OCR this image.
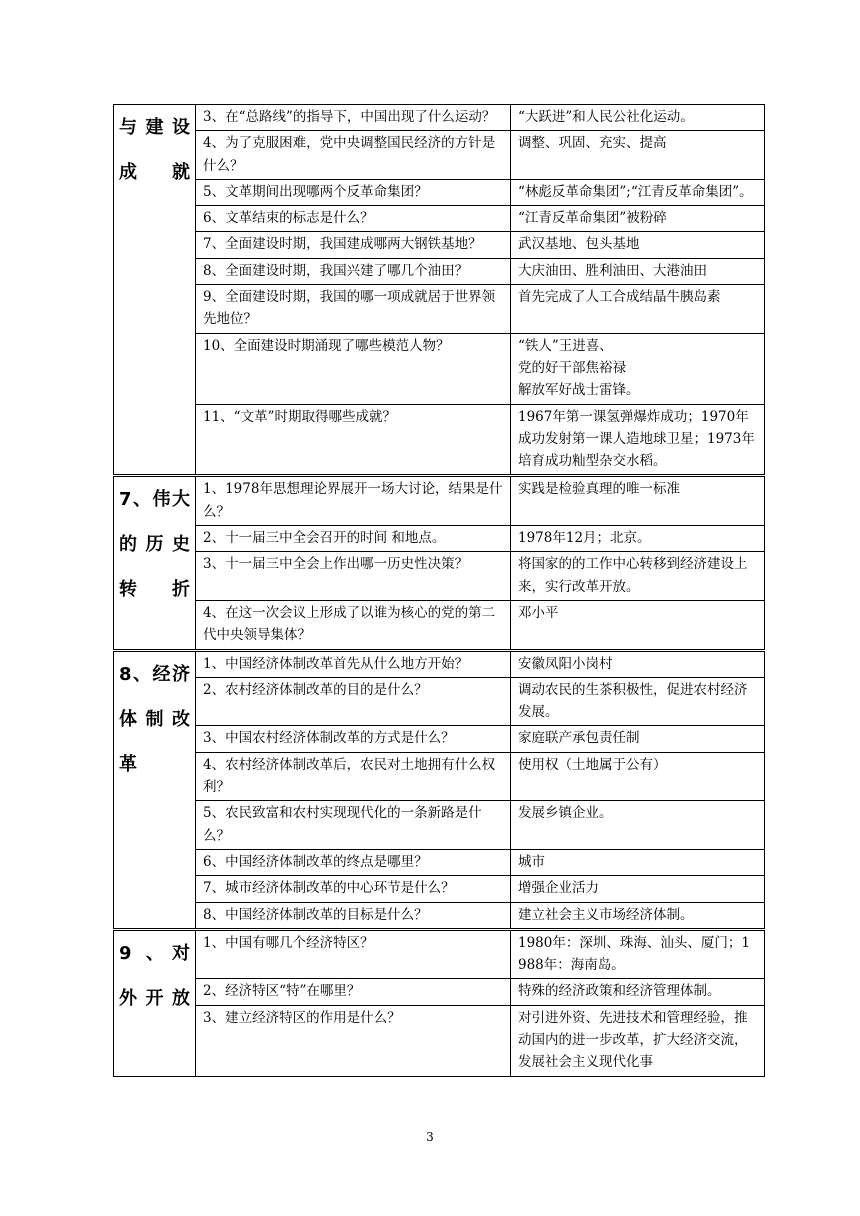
与建设成就	3、在“总路线”的指导下，中国出现了什么运动？	“大跃进”和人民公社化运动。
	4、为了克服困难，党中央调整国民经济的方针是什么？	调整、巩固、充实、提高
	5、文革期间出现哪两个反革命集团？	“林彪反革命集团”;“江青反革命集团”。
	6、文革结束的标志是什么？	“江青反革命集团”被粉碎
	7、全面建设时期，我国建成哪两大钢铁基地？	武汉基地、包头基地
	8、全面建设时期，我国兴建了哪几个油田？	大庆油田、胜利油田、大港油田
	9、全面建设时期，我国的哪一项成就居于世界领先地位？	首先完成了人工合成结晶牛胰岛素
	10、全面建设时期涌现了哪些模范人物？	“铁人”王进喜、
党的好干部焦裕禄
解放军好战士雷锋。
	11、“文革”时期取得哪些成就？	1967年第一课氢弹爆炸成功；1970年成功发射第一课人造地球卫星；1973年培育成功籼型杂交水稻。
7、伟大的历史转折	1、1978年思想理论界展开一场大讨论，结果是什么？	实践是检验真理的唯一标准
	2、十一届三中全会召开的时间 和地点。	1978年12月；北京。
	3、十一届三中全会上作出哪一历史性决策？	将国家的的工作中心转移到经济建设上来，实行改革开放。
	4、在这一次会议上形成了以谁为核心的党的第二代中央领导集体？	邓小平
8、经济体制改革	1、中国经济体制改革首先从什么地方开始？	安徽凤阳小岗村
	2、农村经济体制改革的目的是什么？	调动农民的生茶积极性，促进农村经济发展。
	3、中国农村经济体制改革的方式是什么？	家庭联产承包责任制
	4、农村经济体制改革后，农民对土地拥有什么权利？	使用权（土地属于公有）
	5、农民致富和农村实现现代化的一条新路是什么？	发展乡镇企业。
	6、中国经济体制改革的终点是哪里？	城市
	7、城市经济体制改革的中心环节是什么？	增强企业活力
	8、中国经济体制改革的目标是什么？	建立社会主义市场经济体制。
9 、对外开放	1、中国有哪几个经济特区？	1980年：深圳、珠海、汕头、厦门；1988年：海南岛。
	2、经济特区“特”在哪里？	特殊的经济政策和经济管理体制。
	3、建立经济特区的作用是什么？	对引进外资、先进技术和管理经验，推动国内的进一步改革，扩大经济交流，发展社会主义现代化事
3
